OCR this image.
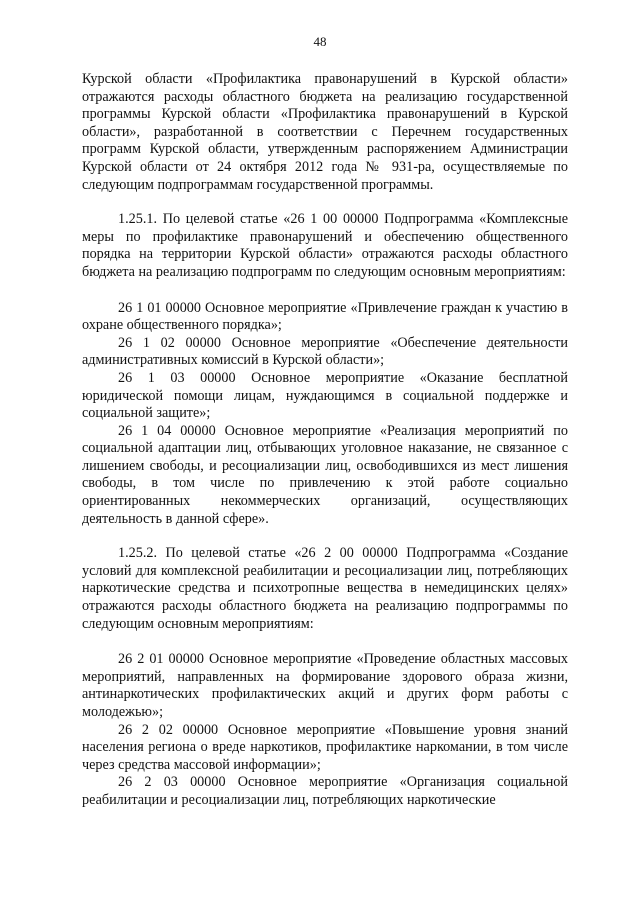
48

Курской области «Профилактика правонарушений в Курской области» отражаются расходы областного бюджета на реализацию государственной программы Курской области «Профилактика правонарушений в Курской области», разработанной в соответствии с Перечнем государственных программ Курской области, утвержденным распоряжением Администрации Курской области от 24 октября 2012 года № 931-ра, осуществляемые по следующим подпрограммам государственной программы.

1.25.1. По целевой статье «26 1 00 00000 Подпрограмма «Комплексные меры по профилактике правонарушений и обеспечению общественного порядка на территории Курской области» отражаются расходы областного бюджета на реализацию подпрограмм по следующим основным мероприятиям:

26 1 01 00000 Основное мероприятие «Привлечение граждан к участию в охране общественного порядка»;

26 1 02 00000 Основное мероприятие «Обеспечение деятельности административных комиссий в Курской области»;

26 1 03 00000 Основное мероприятие «Оказание бесплатной юридической помощи лицам, нуждающимся в социальной поддержке и социальной защите»;

26 1 04 00000 Основное мероприятие «Реализация мероприятий по социальной адаптации лиц, отбывающих уголовное наказание, не связанное с лишением свободы, и ресоциализации лиц, освободившихся из мест лишения свободы, в том числе по привлечению к этой работе социально ориентированных некоммерческих организаций, осуществляющих деятельность в данной сфере».

1.25.2. По целевой статье «26 2 00 00000 Подпрограмма «Создание условий для комплексной реабилитации и ресоциализации лиц, потребляющих наркотические средства и психотропные вещества в немедицинских целях» отражаются расходы областного бюджета на реализацию подпрограммы по следующим основным мероприятиям:

26 2 01 00000 Основное мероприятие «Проведение областных массовых мероприятий, направленных на формирование здорового образа жизни, антинаркотических профилактических акций и других форм работы с молодежью»;

26 2 02 00000 Основное мероприятие «Повышение уровня знаний населения региона о вреде наркотиков, профилактике наркомании, в том числе через средства массовой информации»;

26 2 03 00000 Основное мероприятие «Организация социальной реабилитации и ресоциализации лиц, потребляющих наркотические
